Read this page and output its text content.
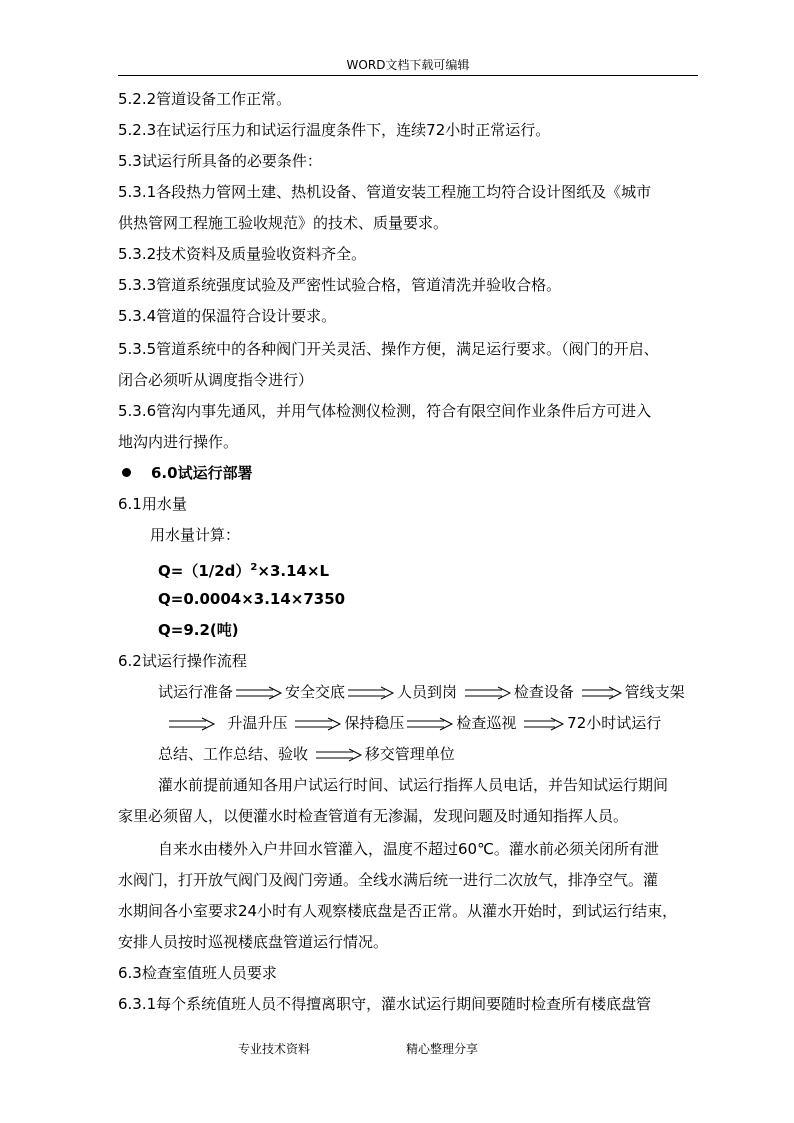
WORD文档下载可编辑
5.2.2管道设备工作正常。
5.2.3在试运行压力和试运行温度条件下，连续72小时正常运行。
5.3试运行所具备的必要条件：
5.3.1各段热力管网土建、热机设备、管道安装工程施工均符合设计图纸及《城市
供热管网工程施工验收规范》的技术、质量要求。
5.3.2技术资料及质量验收资料齐全。
5.3.3管道系统强度试验及严密性试验合格，管道清洗并验收合格。
5.3.4管道的保温符合设计要求。
5.3.5管道系统中的各种阀门开关灵活、操作方便，满足运行要求。（阀门的开启、
闭合必须听从调度指令进行）
5.3.6管沟内事先通风，并用气体检测仪检测，符合有限空间作业条件后方可进入
地沟内进行操作。
6.0试运行部署
6.1用水量
用水量计算：
$Q=(1/2d)^2\times 3.14\times L$
Q=0.0004×3.14×7350
Q=9.2(吨)
6.2试运行操作流程
试运行准备	安全交底	人员到岗	检查设备	管线支架
升温升压	保持稳压	检查巡视	72小时试运行
总结、工作总结、验收	移交管理单位
灌水前提前通知各用户试运行时间、试运行指挥人员电话，并告知试运行期间
家里必须留人，以便灌水时检查管道有无渗漏，发现问题及时通知指挥人员。
自来水由楼外入户井回水管灌入，温度不超过60℃。灌水前必须关闭所有泄
水阀门，打开放气阀门及阀门旁通。全线水满后统一进行二次放气，排净空气。灌
水期间各小室要求24小时有人观察楼底盘是否正常。从灌水开始时，到试运行结束，
安排人员按时巡视楼底盘管道运行情况。
6.3检查室值班人员要求
6.3.1每个系统值班人员不得擅离职守，灌水试运行期间要随时检查所有楼底盘管
专业技术资料	精心整理分享
